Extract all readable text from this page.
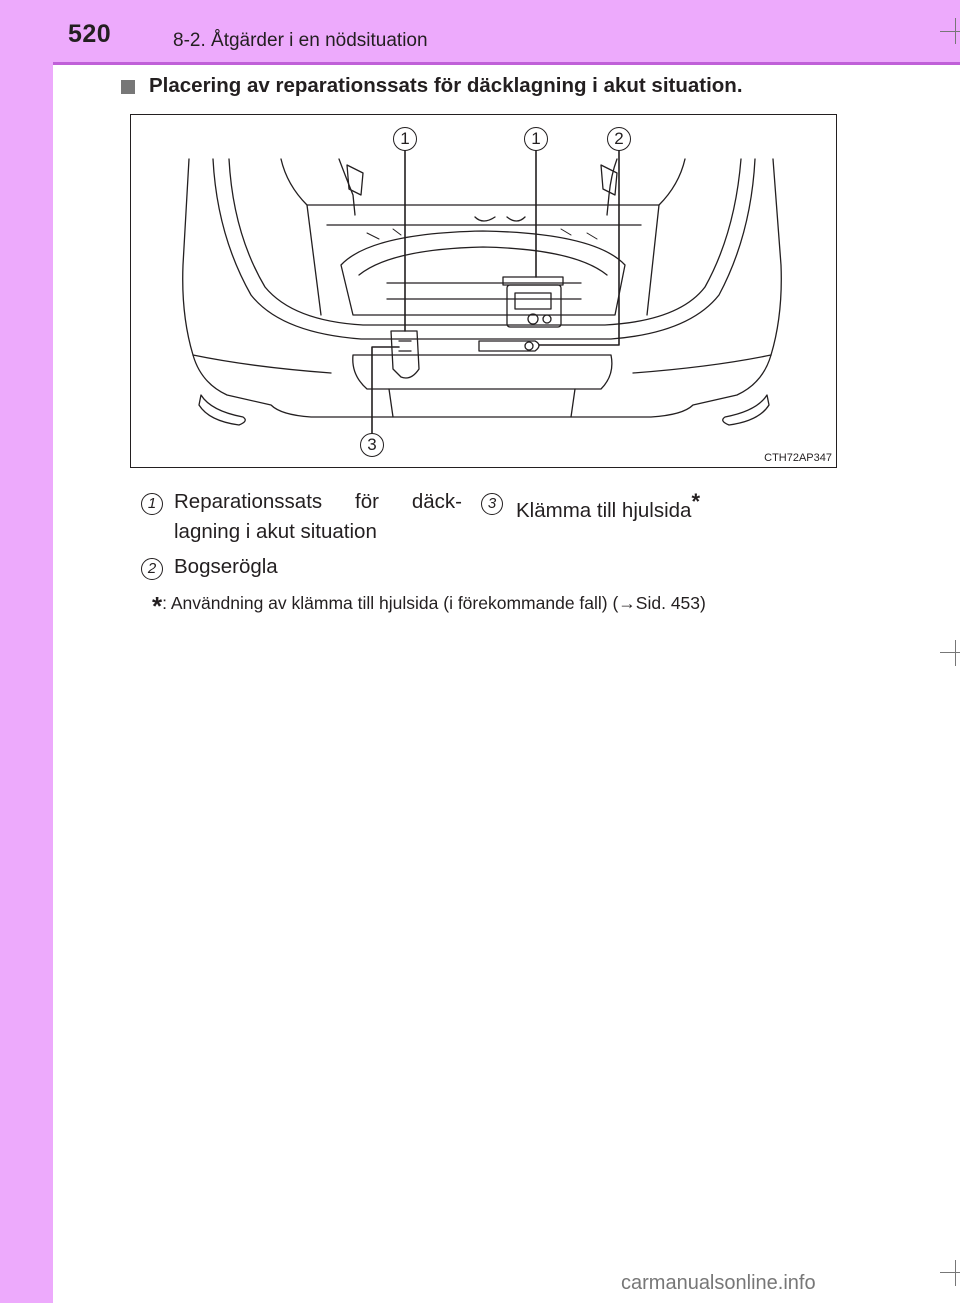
520	8-2. Åtgärder i en nödsituation
Placering av reparationssats för däcklagning i akut situation.
1	1	2
3
CTH72AP347
1 Reparationssats för däck-
lagning i akut situation
2 Bogserögla
3 Klämma till hjulsida*
*: Användning av klämma till hjulsida (i förekommande fall) (→Sid. 453)
carmanualsonline.info
